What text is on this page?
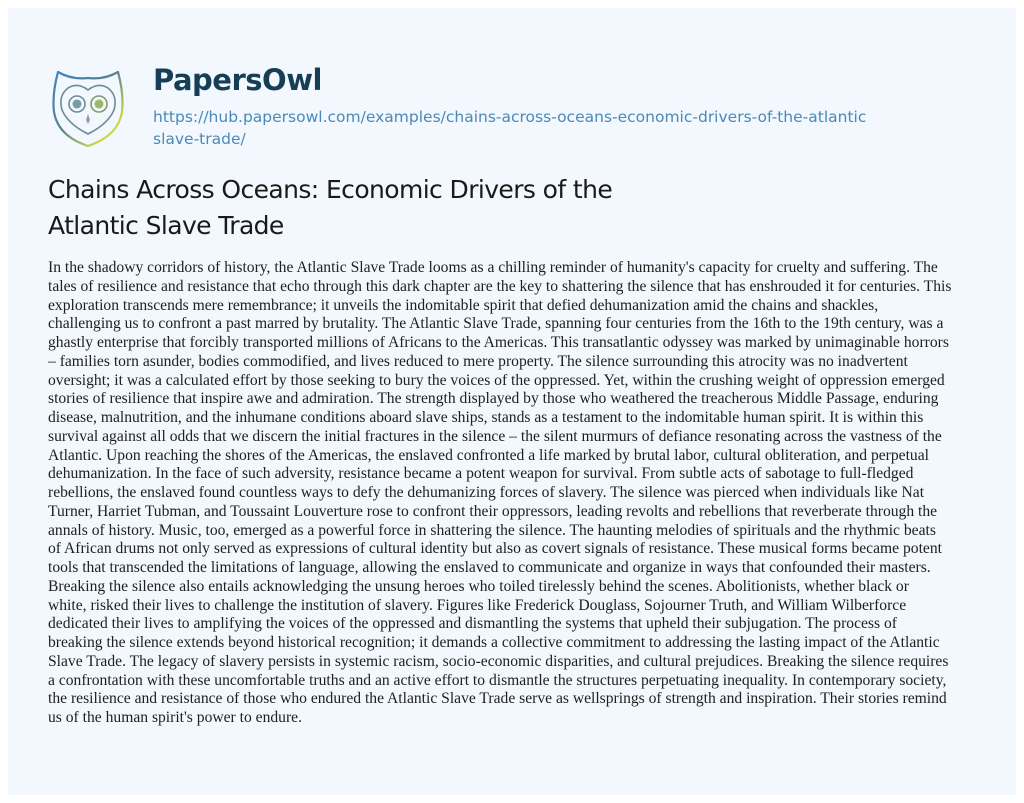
PapersOwl
https://hub.papersowl.com/examples/chains-across-oceans-economic-drivers-of-the-atlantic
slave-trade/
Chains Across Oceans: Economic Drivers of the
Atlantic Slave Trade

In the shadowy corridors of history, the Atlantic Slave Trade looms as a chilling reminder of humanity's capacity for cruelty and suffering. The
tales of resilience and resistance that echo through this dark chapter are the key to shattering the silence that has enshrouded it for centuries. This
exploration transcends mere remembrance; it unveils the indomitable spirit that defied dehumanization amid the chains and shackles,
challenging us to confront a past marred by brutality. The Atlantic Slave Trade, spanning four centuries from the 16th to the 19th century, was a
ghastly enterprise that forcibly transported millions of Africans to the Americas. This transatlantic odyssey was marked by unimaginable horrors
– families torn asunder, bodies commodified, and lives reduced to mere property. The silence surrounding this atrocity was no inadvertent
oversight; it was a calculated effort by those seeking to bury the voices of the oppressed. Yet, within the crushing weight of oppression emerged
stories of resilience that inspire awe and admiration. The strength displayed by those who weathered the treacherous Middle Passage, enduring
disease, malnutrition, and the inhumane conditions aboard slave ships, stands as a testament to the indomitable human spirit. It is within this
survival against all odds that we discern the initial fractures in the silence – the silent murmurs of defiance resonating across the vastness of the
Atlantic. Upon reaching the shores of the Americas, the enslaved confronted a life marked by brutal labor, cultural obliteration, and perpetual
dehumanization. In the face of such adversity, resistance became a potent weapon for survival. From subtle acts of sabotage to full-fledged
rebellions, the enslaved found countless ways to defy the dehumanizing forces of slavery. The silence was pierced when individuals like Nat
Turner, Harriet Tubman, and Toussaint Louverture rose to confront their oppressors, leading revolts and rebellions that reverberate through the
annals of history. Music, too, emerged as a powerful force in shattering the silence. The haunting melodies of spirituals and the rhythmic beats
of African drums not only served as expressions of cultural identity but also as covert signals of resistance. These musical forms became potent
tools that transcended the limitations of language, allowing the enslaved to communicate and organize in ways that confounded their masters.
Breaking the silence also entails acknowledging the unsung heroes who toiled tirelessly behind the scenes. Abolitionists, whether black or
white, risked their lives to challenge the institution of slavery. Figures like Frederick Douglass, Sojourner Truth, and William Wilberforce
dedicated their lives to amplifying the voices of the oppressed and dismantling the systems that upheld their subjugation. The process of
breaking the silence extends beyond historical recognition; it demands a collective commitment to addressing the lasting impact of the Atlantic
Slave Trade. The legacy of slavery persists in systemic racism, socio-economic disparities, and cultural prejudices. Breaking the silence requires
a confrontation with these uncomfortable truths and an active effort to dismantle the structures perpetuating inequality. In contemporary society,
the resilience and resistance of those who endured the Atlantic Slave Trade serve as wellsprings of strength and inspiration. Their stories remind
us of the human spirit's power to endure.
